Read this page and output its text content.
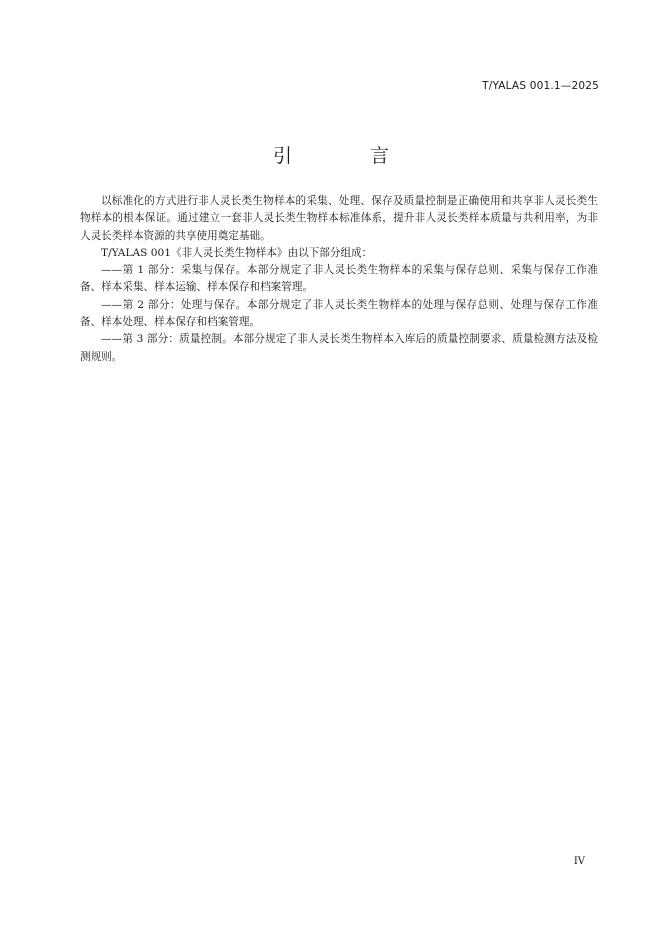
T/YALAS 001.1—2025
引 言

以标准化的方式进行非人灵长类生物样本的采集、处理、保存及质量控制是正确使用和共享非人灵长类生物样本的根本保证。通过建立一套非人灵长类生物样本标准体系，提升非人灵长类样本质量与共利用率，为非人灵长类样本资源的共享使用奠定基础。

T/YALAS 001《非人灵长类生物样本》由以下部分组成：

——第 1 部分：采集与保存。本部分规定了非人灵长类生物样本的采集与保存总则、采集与保存工作准备、样本采集、样本运输、样本保存和档案管理。

——第 2 部分：处理与保存。本部分规定了非人灵长类生物样本的处理与保存总则、处理与保存工作准备、样本处理、样本保存和档案管理。

——第 3 部分：质量控制。本部分规定了非人灵长类生物样本入库后的质量控制要求、质量检测方法及检测规则。

IV
